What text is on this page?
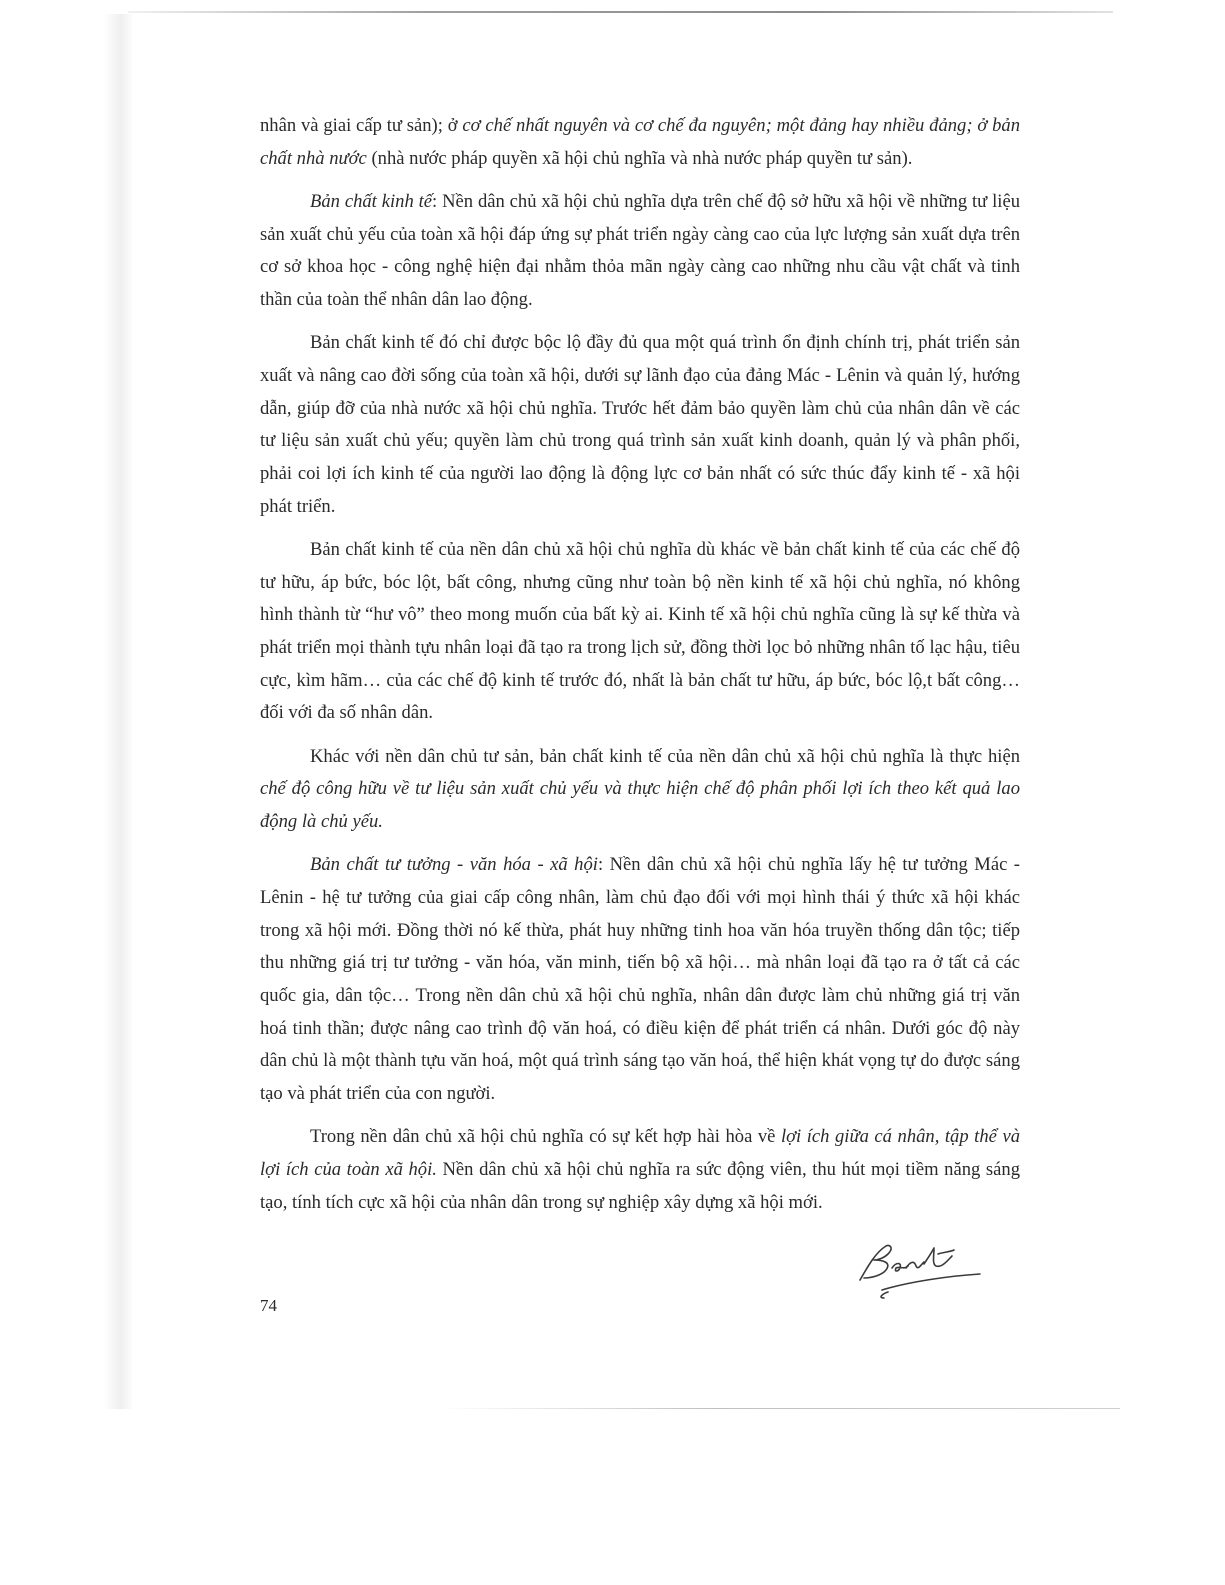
nhân và giai cấp tư sản); ở cơ chế nhất nguyên và cơ chế đa nguyên; một đảng hay nhiều đảng; ở bản chất nhà nước (nhà nước pháp quyền xã hội chủ nghĩa và nhà nước pháp quyền tư sản).

Bản chất kinh tế: Nền dân chủ xã hội chủ nghĩa dựa trên chế độ sở hữu xã hội về những tư liệu sản xuất chủ yếu của toàn xã hội đáp ứng sự phát triển ngày càng cao của lực lượng sản xuất dựa trên cơ sở khoa học - công nghệ hiện đại nhằm thỏa mãn ngày càng cao những nhu cầu vật chất và tinh thần của toàn thể nhân dân lao động.

Bản chất kinh tế đó chỉ được bộc lộ đầy đủ qua một quá trình ổn định chính trị, phát triển sản xuất và nâng cao đời sống của toàn xã hội, dưới sự lãnh đạo của đảng Mác - Lênin và quản lý, hướng dẫn, giúp đỡ của nhà nước xã hội chủ nghĩa. Trước hết đảm bảo quyền làm chủ của nhân dân về các tư liệu sản xuất chủ yếu; quyền làm chủ trong quá trình sản xuất kinh doanh, quản lý và phân phối, phải coi lợi ích kinh tế của người lao động là động lực cơ bản nhất có sức thúc đẩy kinh tế - xã hội phát triển.

Bản chất kinh tế của nền dân chủ xã hội chủ nghĩa dù khác về bản chất kinh tế của các chế độ tư hữu, áp bức, bóc lột, bất công, nhưng cũng như toàn bộ nền kinh tế xã hội chủ nghĩa, nó không hình thành từ “hư vô” theo mong muốn của bất kỳ ai. Kinh tế xã hội chủ nghĩa cũng là sự kế thừa và phát triển mọi thành tựu nhân loại đã tạo ra trong lịch sử, đồng thời lọc bỏ những nhân tố lạc hậu, tiêu cực, kìm hãm… của các chế độ kinh tế trước đó, nhất là bản chất tư hữu, áp bức, bóc lộ,t bất công… đối với đa số nhân dân.

Khác với nền dân chủ tư sản, bản chất kinh tế của nền dân chủ xã hội chủ nghĩa là thực hiện chế độ công hữu về tư liệu sản xuất chủ yếu và thực hiện chế độ phân phối lợi ích theo kết quả lao động là chủ yếu.

Bản chất tư tưởng - văn hóa - xã hội: Nền dân chủ xã hội chủ nghĩa lấy hệ tư tưởng Mác - Lênin - hệ tư tưởng của giai cấp công nhân, làm chủ đạo đối với mọi hình thái ý thức xã hội khác trong xã hội mới. Đồng thời nó kế thừa, phát huy những tinh hoa văn hóa truyền thống dân tộc; tiếp thu những giá trị tư tưởng - văn hóa, văn minh, tiến bộ xã hội… mà nhân loại đã tạo ra ở tất cả các quốc gia, dân tộc… Trong nền dân chủ xã hội chủ nghĩa, nhân dân được làm chủ những giá trị văn hoá tinh thần; được nâng cao trình độ văn hoá, có điều kiện để phát triển cá nhân. Dưới góc độ này dân chủ là một thành tựu văn hoá, một quá trình sáng tạo văn hoá, thể hiện khát vọng tự do được sáng tạo và phát triển của con người.

Trong nền dân chủ xã hội chủ nghĩa có sự kết hợp hài hòa về lợi ích giữa cá nhân, tập thể và lợi ích của toàn xã hội. Nền dân chủ xã hội chủ nghĩa ra sức động viên, thu hút mọi tiềm năng sáng tạo, tính tích cực xã hội của nhân dân trong sự nghiệp xây dựng xã hội mới.

74
